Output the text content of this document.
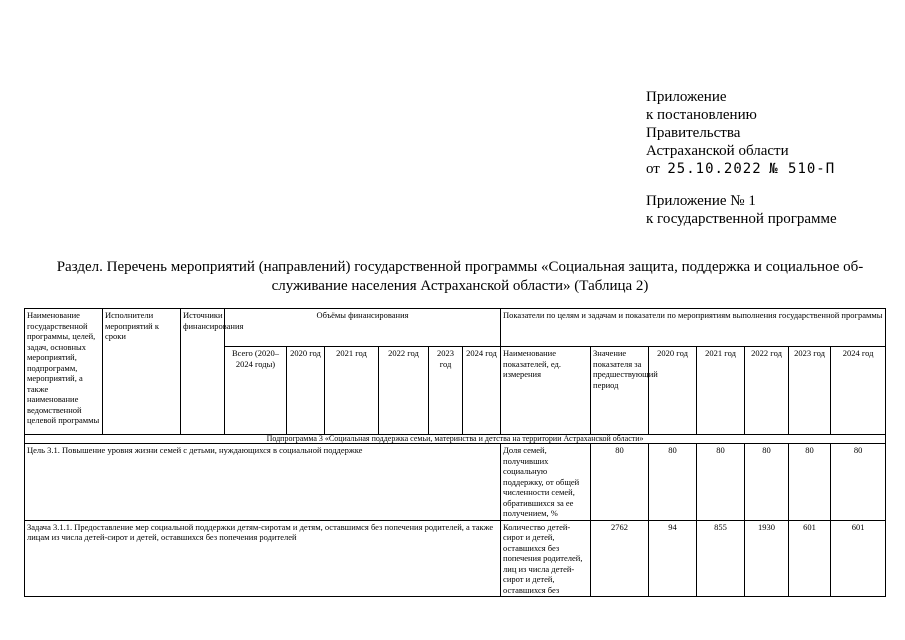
Приложение
к постановлению
Правительства
Астраханской области
от 25.10.2022 № 510-П
Приложение № 1
к государственной программе
Раздел. Перечень мероприятий (направлений) государственной программы «Социальная защита, поддержка и социальное об-служивание населения Астраханской области» (Таблица 2)
Наименование государственной программы, целей, задач, основных мероприятий, подпрограмм, мероприятий, а также наименование ведомственной целевой программы	Исполнители мероприятий к сроки	Источники финансирования	Объёмы финансирования						Показатели по целям и задачам и показатели по мероприятиям выполнения государственной программы						
			Всего (2020–2024 годы)	2020 год	2021 год	2022 год	2023 год	2024 год	Наименование показателей, ед. измерения	Значение показателя за предшествующий период	2020 год	2021 год	2022 год	2023 год	2024 год
Подпрограмма 3 «Социальная поддержка семьи, материнства и детства на территории Астраханской области»															
Цель 3.1. Повышение уровня жизни семей с детьми, нуждающихся в социальной поддержке									Доля семей, получивших социальную поддержку, от общей численности семей, обратившихся за ее получением, %	80	80	80	80	80	80
Задача 3.1.1. Предоставление мер социальной поддержки детям-сиротам и детям, оставшимся без попечения родителей, а также лицам из числа детей-сирот и детей, оставшихся без попечения родителей									Количество детей-сирот и детей, оставшихся без попечения родителей, лиц из числа детей-сирот и детей, оставшихся без	2762	94	855	1930	601	601
